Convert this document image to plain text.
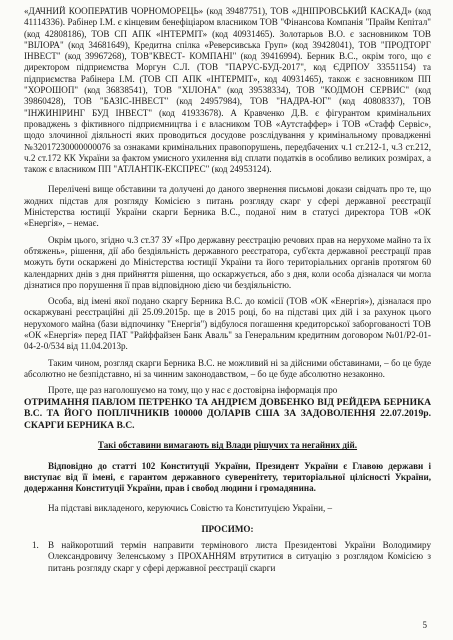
«ДАЧНИЙ КООПЕРАТИВ ЧОРНОМОРЕЦЬ» (код 39487751), ТОВ «ДНІПРОВСЬКИЙ КАСКАД» (код 41114336). Рабінер І.М. є кінцевим бенефіціаром власником ТОВ "Фінансова Компанія "Прайм Кепітал" (код 42808186), ТОВ СП АПК «ІНТЕРМІТ» (код 40931465). Золотарьов В.О. є засновником ТОВ "ВІЛОРА" (код 34681649), Кредитна спілка «Реверсивська Груп» (код 39428041), ТОВ "ПРОДТОРГ ІНВЕСТ" (код 39967268), ТОВ"КВЕСТ- КОМПАНІ" (код 39416994). Берник В.С., окрім того, що є директором підприємства Моргун С.Л. (ТОВ "ПАРУС-БУД-2017", код ЄДРПОУ 33551154) та підприємства Рабінера І.М. (ТОВ СП АПК «ІНТЕРМІТ», код 40931465), також є засновником ПП "ХОРОШОП" (код 36838541), ТОВ "ХІЛОНА" (код 39538334), ТОВ "КОДМОН СЕРВИС" (код 39860428), ТОВ "БАЗІС-ІНВЕСТ" (код 24957984), ТОВ "НАДРА-ЮГ" (код 40808337), ТОВ "ІНЖИНІРИНГ БУД ІНВЕСТ" (код 41933678). А Кравченко Д.В. є фігурантом кримінальних проваджень з фіктивного підприємництва і є власником ТОВ «Аутстаффер» і ТОВ «Стафф Сервіс», щодо злочинної діяльності яких проводиться досудове розслідування у кримінальному провадженні №32017230000000076 за ознаками кримінальних правопорушень, передбачених ч.1 ст.212-1, ч.3 ст.212, ч.2 ст.172 КК України за фактом умисного ухилення від сплати податків в особливо великих розмірах, а також є власником ПП "АТЛАНТІК-ЕКСПРЕС" (код 24953124).

Перелічені вище обставини та долучені до даного звернення письмові докази свідчать про те, що жодних підстав для розгляду Комісією з питань розгляду скарг у сфері державної реєстрації Міністерства юстиції України скарги Берника В.С., поданої ним в статусі директора ТОВ «ОК «Енергія», – немає.

Окрім цього, згідно ч.3 ст.37 ЗУ «Про державну реєстрацію речових прав на нерухоме майно та їх обтяжень», рішення, дії або бездіяльність державного реєстратора, суб'єкта державної реєстрації прав можуть бути оскаржені до Міністерства юстиції України та його територіальних органів протягом 60 календарних днів з дня прийняття рішення, що оскаржується, або з дня, коли особа дізналася чи могла дізнатися про порушення її прав відповідною дією чи бездіяльністю.

Особа, від імені якої подано скаргу Берника В.С. до комісії (ТОВ «ОК «Енергія»), дізналася про оскаржувані реєстраційні дії 25.09.2015р. ще в 2015 році, бо на підставі цих дій і за рахунок цього нерухомого майна (бази відпочинку "Енергія") відбулося погашення кредиторської заборгованості ТОВ «ОК «Енергія» перед ПАТ "Райффайзен Банк Аваль" за Генеральним кредитним договором №01/Р2-01-04-2-0/534 від 11.04.2013р.

Таким чином, розгляд скарги Берника В.С. не можливий ні за дійсними обставинами, – бо це буде абсолютно не безпідставно, ні за чинним законодавством, – бо це буде абсолютно незаконно.

Проте, ще раз наголошуємо на тому, що у нас є достовірна інформація про

ОТРИМАННЯ ПАВЛОМ ПЕТРЕНКО ТА АНДРІЄМ ДОВБЕНКО ВІД РЕЙДЕРА БЕРНИКА В.С. ТА ЙОГО ПОПЛІЧНИКІВ 100000 ДОЛАРІВ США ЗА ЗАДОВОЛЕННЯ 22.07.2019р. СКАРГИ БЕРНИКА В.С.

Такі обставини вимагають від Влади рішучих та негайних дій.

Відповідно до статті 102 Конституції України, Президент України є Главою держави і виступає від її імені, є гарантом державного суверенітету, територіальної цілісності України, додержання Конституції України, прав і свобод людини і громадянина.

На підставі викладеного, керуючись Совістю та Конституцією України, –

ПРОСИМО:

1.	В найкоротший термін направити термінового листа Президентові України Володимиру Олександровичу Зеленському з ПРОХАННЯМ втрутитися в ситуацію з розглядом Комісією з питань розгляду скарг у сфері державної реєстрації скарги
5
